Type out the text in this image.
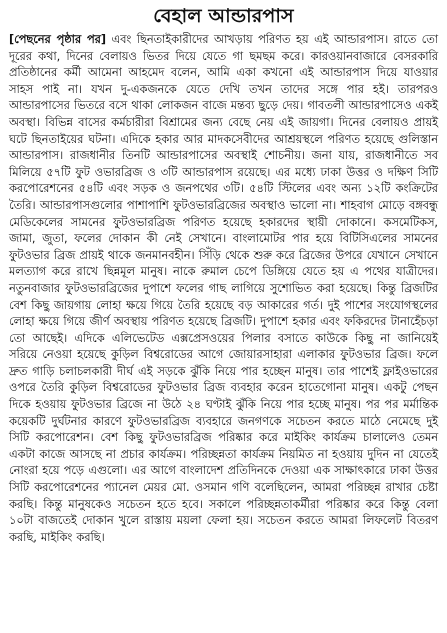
বেহাল আন্ডারপাস

[পেছনের পৃষ্ঠার পর] এবং ছিনতাইকারীদের আখড়ায় পরিণত হয় এই আন্ডারপাস। রাতে তো দূরের কথা, দিনের বেলায়ও ভিতর দিয়ে যেতে গা ছমছম করে। কারওয়ানবাজারে বেসরকারি প্রতিষ্ঠানের কর্মী আমেনা আহমেদ বলেন, আমি একা কখনো এই আন্ডারপাস দিয়ে যাওয়ার সাহস পাই না। যখন দু-একজনকে যেতে দেখি তখন তাদের সঙ্গে পার হই। তারপরও আন্ডারপাসের ভিতরে বসে থাকা লোকজন বাজে মন্তব্য ছুড়ে দেয়। গাবতলী আন্ডারপাসেও একই অবস্থা। বিভিন্ন বাসের কর্মচারীরা বিশ্রামের জন্য বেছে নেয় এই জায়গা। দিনের বেলায়ও প্রায়ই ঘটে ছিনতাইয়ের ঘটনা। এদিকে হকার আর মাদকসেবীদের আশ্রয়স্থলে পরিণত হয়েছে গুলিস্তান আন্ডারপাস। রাজধানীর তিনটি আন্ডারপাসের অবস্থাই শোচনীয়। জনা যায়, রাজধানীতে সব মিলিয়ে ৫৭টি ফুট ওভারব্রিজ ও ৩টি আন্ডারপাস রয়েছে। এর মধ্যে ঢাকা উত্তর ও দক্ষিণ সিটি করপোরেশনের ৫৪টি এবং সড়ক ও জনপথের ৩টি। ৫৪টি স্টিলের এবং অন্য ১২টি কংক্রিটের তৈরি। আন্ডারপাসগুলোর পাশাপাশি ফুটওভারব্রিজের অবস্থাও ভালো না। শাহবাগ মোড়ে বঙ্গবন্ধু মেডিকেলের সামনের ফুটওভারব্রিজ পরিণত হয়েছে হকারদের স্থায়ী দোকানে। কসমেটিকস, জামা, জুতা, ফলের দোকান কী নেই সেখানে। বাংলামোটর পার হয়ে বিটিসিএলের সামনের ফুটওভার ব্রিজ প্রায়ই থাকে জনমানবহীন। সিঁড়ি থেকে শুরু করে ব্রিজের উপরে যেখানে সেখানে মলত্যাগ করে রাখে ছিন্নমূল মানুষ। নাকে রুমাল চেপে ডিঙ্গিয়ে যেতে হয় এ পথের যাত্রীদের। নতুনবাজার ফুটওভারব্রিজের দুপাশে ফলের গাছ লাগিয়ে সুশোভিত করা হয়েছে। কিন্তু ব্রিজটির বেশ কিছু জায়গায় লোহা ক্ষয়ে গিয়ে তৈরি হয়েছে বড় আকারের গর্ত। দুই পাশের সংযোগস্থলের লোহা ক্ষয়ে গিয়ে জীর্ণ অবস্থায় পরিণত হয়েছে ব্রিজটি। দুপাশে হকার এবং ফকিরদের টানাহেঁচড়া তো আছেই। এদিকে এলিভেটেড এক্সপ্রেসওয়ের পিলার বসাতে কাউকে কিছু না জানিয়েই সরিয়ে নেওয়া হয়েছে কুড়িল বিশ্বরোডের আগে জোয়ারসাহারা এলাকার ফুটওভার ব্রিজ। ফলে দ্রুত গাড়ি চলাচলকারী দীর্ঘ এই সড়কে ঝুঁকি নিয়ে পার হচ্ছেন মানুষ। তার পাশেই ফ্লাইওভারের ওপরে তৈরি কুড়িল বিশ্বরোডের ফুটওভার ব্রিজ ব্যবহার করেন হাতেগোনা মানুষ। একটু পেছন দিকে হওয়ায় ফুটওভার ব্রিজে না উঠে ২৪ ঘণ্টাই ঝুঁকি নিয়ে পার হচ্ছে মানুষ। পর পর মর্মান্তিক কয়েকটি দুর্ঘটনার কারণে ফুটওভারব্রিজ ব্যবহারে জনগণকে সচেতন করতে মাঠে নেমেছে দুই সিটি করপোরেশন। বেশ কিছু ফুটওভারব্রিজ পরিষ্কার করে মাইকিং কার্যক্রম চালালেও তেমন একটা কাজে আসছে না প্রচার কার্যক্রম। পরিচ্ছন্নতা কার্যক্রম নিয়মিত না হওয়ায় দুদিন না যেতেই নোংরা হয়ে পড়ে এগুলো। এর আগে বাংলাদেশ প্রতিদিনকে দেওয়া এক সাক্ষাৎকারে ঢাকা উত্তর সিটি করপোরেশনের প্যানেল মেয়র মো. ওসমান গণি বলেছিলেন, আমরা পরিচ্ছন্ন রাখার চেষ্টা করছি। কিন্তু মানুষকেও সচেতন হতে হবে। সকালে পরিচ্ছন্নতাকর্মীরা পরিষ্কার করে কিন্তু বেলা ১০টা বাজতেই দোকান খুলে রাস্তায় ময়লা ফেলা হয়। সচেতন করতে আমরা লিফলেট বিতরণ করছি, মাইকিং করছি।
